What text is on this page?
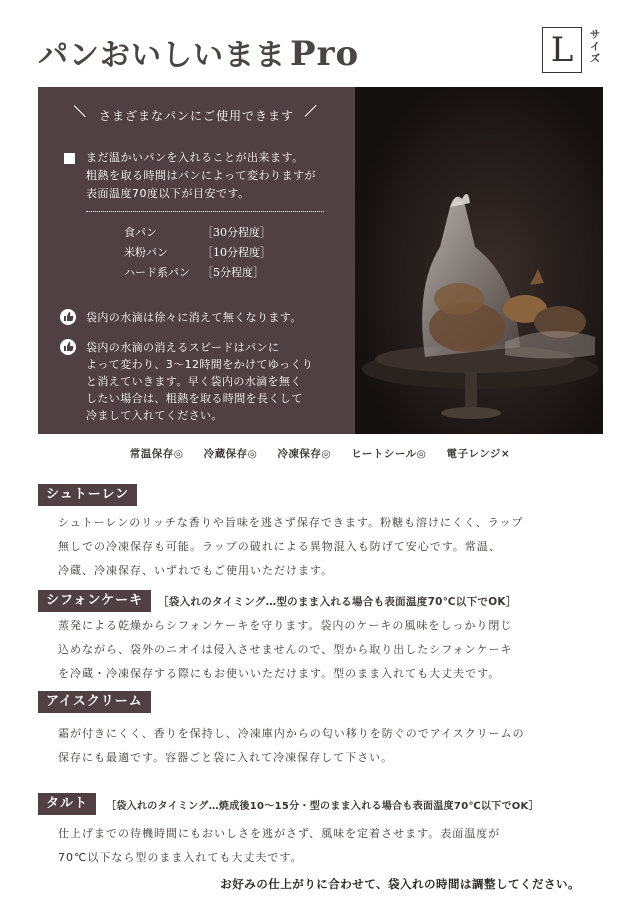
パンおいしいまま Pro	L	サ
イ
ズ
さまざまなパンにご使用できます
まだ温かいパンを入れることが出来ます。
粗熱を取る時間はパンによって変わりますが
表面温度70度以下が目安です。
食パン	［30分程度］
米粉パン	［10分程度］
ハード系パン ［5分程度］
袋内の水滴は徐々に消えて無くなります。
袋内の水滴の消えるスピードはパンに
よって変わり、3～12時間をかけてゆっくり
と消えていきます。早く袋内の水滴を無く
したい場合は、粗熱を取る時間を長くして
冷まして入れてください。
常温保存◎ 冷蔵保存◎ 冷凍保存◎ ヒートシール◎ 電子レンジ×
シュトーレン
シュトーレンのリッチな香りや旨味を逃さず保存できます。粉糖も溶けにくく、ラップ
無しでの冷凍保存も可能。ラップの破れによる異物混入も防げて安心です。常温、
冷蔵、冷凍保存、いずれでもご使用いただけます。
シフォンケーキ	［袋入れのタイミング…型のまま入れる場合も表面温度70℃以下でOK］
蒸発による乾燥からシフォンケーキを守ります。袋内のケーキの風味をしっかり閉じ
込めながら、袋外のニオイは侵入させませんので、型から取り出したシフォンケーキ
を冷蔵・冷凍保存する際にもお使いいただけます。型のまま入れても大丈夫です。
アイスクリーム
霜が付きにくく、香りを保持し、冷凍庫内からの匂い移りを防ぐのでアイスクリームの
保存にも最適です。容器ごと袋に入れて冷凍保存して下さい。
タルト	［袋入れのタイミング…焼成後10～15分・型のまま入れる場合も表面温度70℃以下でOK］
仕上げまでの待機時間にもおいしさを逃がさず、風味を定着させます。表面温度が
70℃以下なら型のまま入れても大丈夫です。
お好みの仕上がりに合わせて、袋入れの時間は調整してください。
